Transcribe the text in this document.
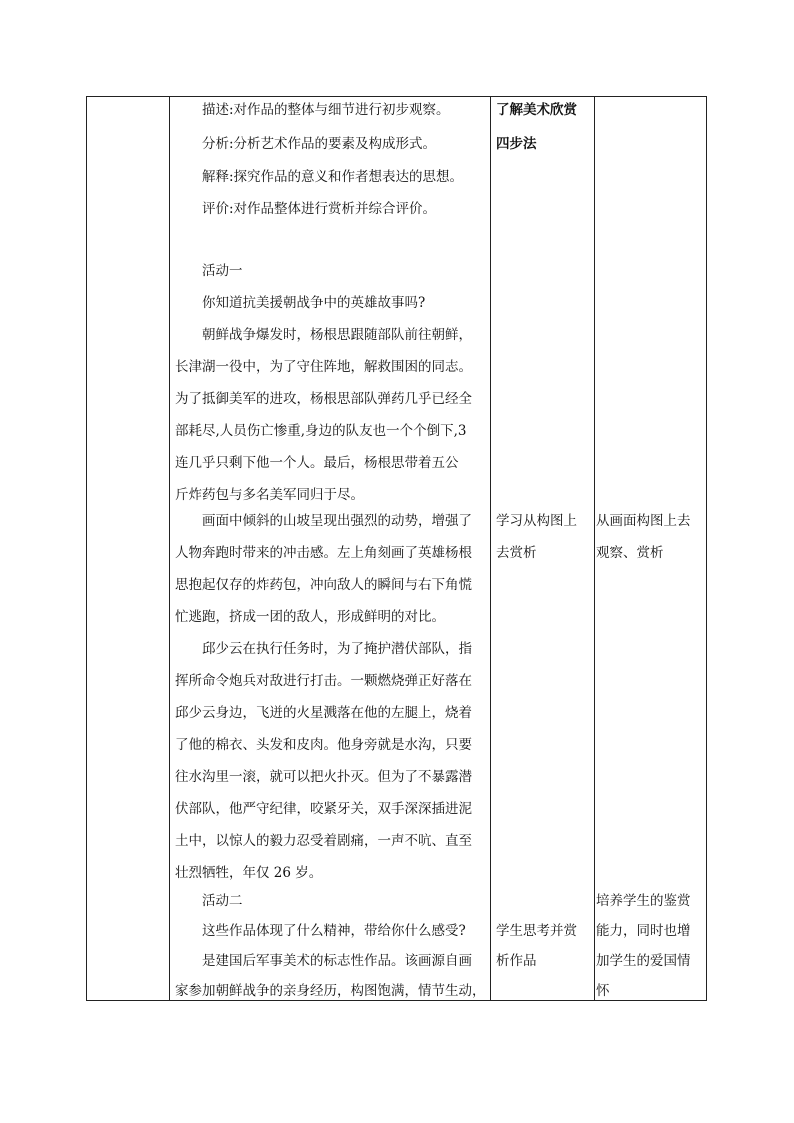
描述:对作品的整体与细节进行初步观察。
分析:分析艺术作品的要素及构成形式。
解释:探究作品的意义和作者想表达的思想。
评价:对作品整体进行赏析并综合评价。
活动一
你知道抗美援朝战争中的英雄故事吗?
朝鲜战争爆发时，杨根思跟随部队前往朝鲜，
长津湖一役中，为了守住阵地，解救围困的同志。
为了抵御美军的进攻，杨根思部队弹药几乎已经全
部耗尽,人员伤亡惨重,身边的队友也一个个倒下,3
连几乎只剩下他一个人。最后，杨根思带着五公
斤炸药包与多名美军同归于尽。
画面中倾斜的山坡呈现出强烈的动势，增强了
人物奔跑时带来的冲击感。左上角刻画了英雄杨根
思抱起仅存的炸药包，冲向敌人的瞬间与右下角慌
忙逃跑，挤成一团的敌人，形成鲜明的对比。
邱少云在执行任务时，为了掩护潜伏部队，指
挥所命令炮兵对敌进行打击。一颗燃烧弹正好落在
邱少云身边，飞迸的火星溅落在他的左腿上，烧着
了他的棉衣、头发和皮肉。他身旁就是水沟，只要
往水沟里一滚，就可以把火扑灭。但为了不暴露潜
伏部队，他严守纪律，咬紧牙关，双手深深插进泥
土中，以惊人的毅力忍受着剧痛，一声不吭、直至
壮烈牺牲，年仅 26 岁。
活动二
这些作品体现了什么精神，带给你什么感受?
是建国后军事美术的标志性作品。该画源自画
家参加朝鲜战争的亲身经历，构图饱满，情节生动，
了解美术欣赏
四步法
学习从构图上
去赏析
学生思考并赏
析作品
从画面构图上去
观察、赏析
培养学生的鉴赏
能力，同时也增
加学生的爱国情
怀
